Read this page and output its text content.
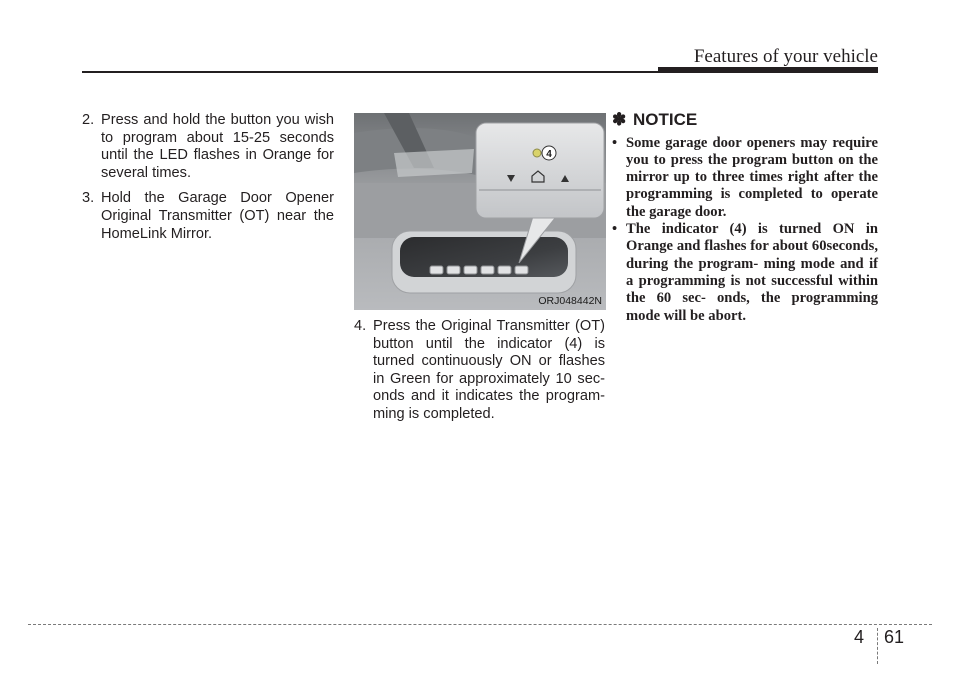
Features of your vehicle

2. Press and hold the button you wish to program about 15-25 seconds until the LED flashes in Orange for several times.

3. Hold the Garage Door Opener Original Transmitter (OT) near the HomeLink Mirror.

4
ORJ048442N

4. Press the Original Transmitter (OT) button until the indicator (4) is turned continuously ON or flashes in Green for approximately 10 sec- onds and it indicates the program- ming is completed.

✽ NOTICE

• Some garage door openers may require you to press the program button on the mirror up to three times right after the programming is completed to operate the garage door.

• The indicator (4) is turned ON in Orange and flashes for about 60seconds, during the program- ming mode and if a programming is not successful within the 60 sec- onds, the programming mode will be abort.

4 61
